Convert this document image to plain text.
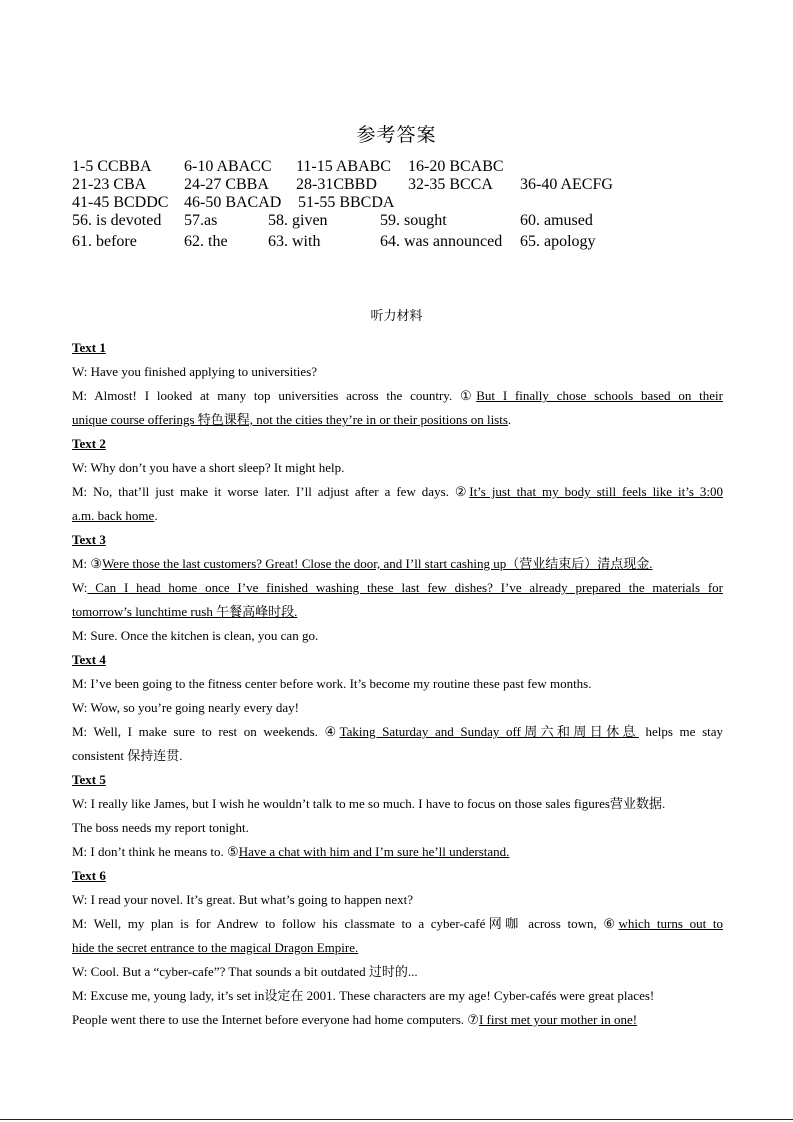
参考答案
1-5 CCBBA 6-10 ABACC 11-15 ABABC 16-20 BCABC
21-23 CBA 24-27 CBBA 28-31CBBD 32-35 BCCA 36-40 AECFG
41-45 BCDDC 46-50 BACAD 51-55 BBCDA
56. is devoted 57.as	58. given	59. sought	60. amused
61. before	62. the	63. with	64. was announced 65. apology
听力材料
Text 1
W: Have you finished applying to universities?
M: Almost! I looked at many top universities across the country. ①But I finally chose schools based on their
unique course offerings 特色课程, not the cities they’re in or their positions on lists.
Text 2
W: Why don’t you have a short sleep? It might help.
M: No, that’ll just make it worse later. I’ll adjust after a few days. ②It’s just that my body still feels like it’s 3:00
a.m. back home.
Text 3
M: ③Were those the last customers? Great! Close the door, and I’ll start cashing up（营业结束后）清点现金.
W: Can I head home once I’ve finished washing these last few dishes? I’ve already prepared the materials for
tomorrow’s lunchtime rush 午餐高峰时段.
M: Sure. Once the kitchen is clean, you can go.
Text 4
M: I’ve been going to the fitness center before work. It’s become my routine these past few months.
W: Wow, so you’re going nearly every day!
M: Well, I make sure to rest on weekends. ④Taking Saturday and Sunday off周六和周日休息 helps me stay
consistent 保持连贯.
Text 5
W: I really like James, but I wish he wouldn’t talk to me so much. I have to focus on those sales figures营业数据.
The boss needs my report tonight.
M: I don’t think he means to. ⑤Have a chat with him and I’m sure he’ll understand.
Text 6
W: I read your novel. It’s great. But what’s going to happen next?
M: Well, my plan is for Andrew to follow his classmate to a cyber-café网咖 across town, ⑥which turns out to
hide the secret entrance to the magical Dragon Empire.
W: Cool. But a “cyber-cafe”? That sounds a bit outdated 过时的...
M: Excuse me, young lady, it’s set in设定在 2001. These characters are my age! Cyber-cafés were great places!
People went there to use the Internet before everyone had home computers. ⑦I first met your mother in one!
